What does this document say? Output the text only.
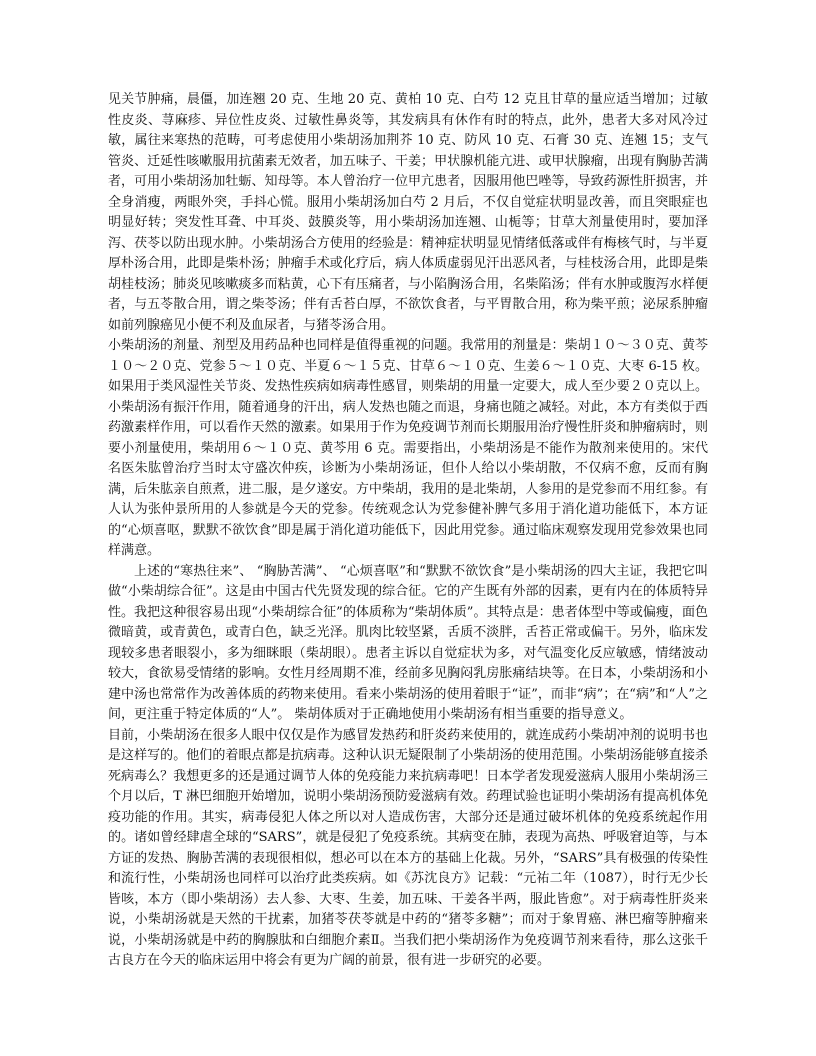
见关节肿痛，晨僵，加连翘 20 克、生地 20 克、黄柏 10 克、白芍 12 克且甘草的量应适当增加；过敏性皮炎、荨麻疹、异位性皮炎、过敏性鼻炎等，其发病具有休作有时的特点，此外，患者大多对风冷过敏，属往来寒热的范畴，可考虑使用小柴胡汤加荆芥 10 克、防风 10 克、石膏 30 克、连翘 15；支气管炎、迁延性咳嗽服用抗菌素无效者，加五味子、干姜；甲状腺机能亢进、或甲状腺瘤，出现有胸胁苦满者，可用小柴胡汤加牡蛎、知母等。本人曾治疗一位甲亢患者，因服用他巴唑等，导致药源性肝损害，并全身消瘦，两眼外突，手抖心慌。服用小柴胡汤加白芍 2 月后，不仅自觉症状明显改善，而且突眼症也明显好转；突发性耳聋、中耳炎、鼓膜炎等，用小柴胡汤加连翘、山栀等；甘草大剂量使用时，要加泽泻、茯苓以防出现水肿。小柴胡汤合方使用的经验是：精神症状明显见情绪低落或伴有梅核气时，与半夏厚朴汤合用，此即是柴朴汤；肿瘤手术或化疗后，病人体质虚弱见汗出恶风者，与桂枝汤合用，此即是柴胡桂枝汤；肺炎见咳嗽痰多而粘黄，心下有压痛者，与小陷胸汤合用，名柴陷汤；伴有水肿或腹泻水样便者，与五苓散合用，谓之柴苓汤；伴有舌苔白厚，不欲饮食者，与平胃散合用，称为柴平煎；泌尿系肿瘤如前列腺癌见小便不利及血尿者，与猪苓汤合用。

小柴胡汤的剂量、剂型及用药品种也同样是值得重视的问题。我常用的剂量是：柴胡１０～３０克、黄芩１０～２０克、党参５～１０克、半夏６～１５克、甘草６～１０克、生姜６～１０克、大枣 6-15 枚。如果用于类风湿性关节炎、发热性疾病如病毒性感冒，则柴胡的用量一定要大，成人至少要２０克以上。小柴胡汤有振汗作用，随着通身的汗出，病人发热也随之而退，身痛也随之减轻。对此，本方有类似于西药激素样作用，可以看作天然的激素。如果用于作为免疫调节剂而长期服用治疗慢性肝炎和肿瘤病时，则要小剂量使用，柴胡用６～１０克、黄芩用 6 克。需要指出，小柴胡汤是不能作为散剂来使用的。宋代名医朱肱曾治疗当时太守盛次仲疾，诊断为小柴胡汤证，但仆人给以小柴胡散，不仅病不愈，反而有胸满，后朱肱亲自煎煮，进二服，是夕遂安。方中柴胡，我用的是北柴胡，人参用的是党参而不用红参。有人认为张仲景所用的人参就是今天的党参。传统观念认为党参健补脾气多用于消化道功能低下，本方证的“心烦喜呕，默默不欲饮食”即是属于消化道功能低下，因此用党参。通过临床观察发现用党参效果也同样满意。

上述的“寒热往来”、 “胸胁苦满”、 “心烦喜呕”和“默默不欲饮食”是小柴胡汤的四大主证，我把它叫做“小柴胡综合征”。这是由中国古代先贤发现的综合征。它的产生既有外部的因素，更有内在的体质特异性。我把这种很容易出现“小柴胡综合征”的体质称为“柴胡体质”。其特点是：患者体型中等或偏瘦，面色微暗黄，或青黄色，或青白色，缺乏光泽。肌肉比较坚紧，舌质不淡胖，舌苔正常或偏干。另外，临床发现较多患者眼裂小，多为细眯眼（柴胡眼）。患者主诉以自觉症状为多，对气温变化反应敏感，情绪波动较大，食欲易受情绪的影响。女性月经周期不准，经前多见胸闷乳房胀痛结块等。在日本，小柴胡汤和小建中汤也常常作为改善体质的药物来使用。看来小柴胡汤的使用着眼于“证”，而非“病”；在“病”和“人”之间，更注重于特定体质的“人”。 柴胡体质对于正确地使用小柴胡汤有相当重要的指导意义。

目前，小柴胡汤在很多人眼中仅仅是作为感冒发热药和肝炎药来使用的，就连成药小柴胡冲剂的说明书也是这样写的。他们的着眼点都是抗病毒。这种认识无疑限制了小柴胡汤的使用范围。小柴胡汤能够直接杀死病毒么？我想更多的还是通过调节人体的免疫能力来抗病毒吧！日本学者发现爱滋病人服用小柴胡汤三个月以后，T 淋巴细胞开始增加，说明小柴胡汤预防爱滋病有效。药理试验也证明小柴胡汤有提高机体免疫功能的作用。其实，病毒侵犯人体之所以对人造成伤害，大部分还是通过破坏机体的免疫系统起作用的。诸如曾经肆虐全球的“SARS”，就是侵犯了免疫系统。其病变在肺，表现为高热、呼吸窘迫等，与本方证的发热、胸胁苦满的表现很相似，想必可以在本方的基础上化裁。另外，“SARS”具有极强的传染性和流行性，小柴胡汤也同样可以治疗此类疾病。如《苏沈良方》记载：“元祐二年（1087），时行无少长皆咳，本方（即小柴胡汤）去人参、大枣、生姜，加五味、干姜各半两，服此皆愈”。对于病毒性肝炎来说，小柴胡汤就是天然的干扰素，加猪苓茯苓就是中药的“猪苓多糖”；而对于象胃癌、淋巴瘤等肿瘤来说，小柴胡汤就是中药的胸腺肽和白细胞介素Ⅱ。当我们把小柴胡汤作为免疫调节剂来看待，那么这张千古良方在今天的临床运用中将会有更为广阔的前景，很有进一步研究的必要。
